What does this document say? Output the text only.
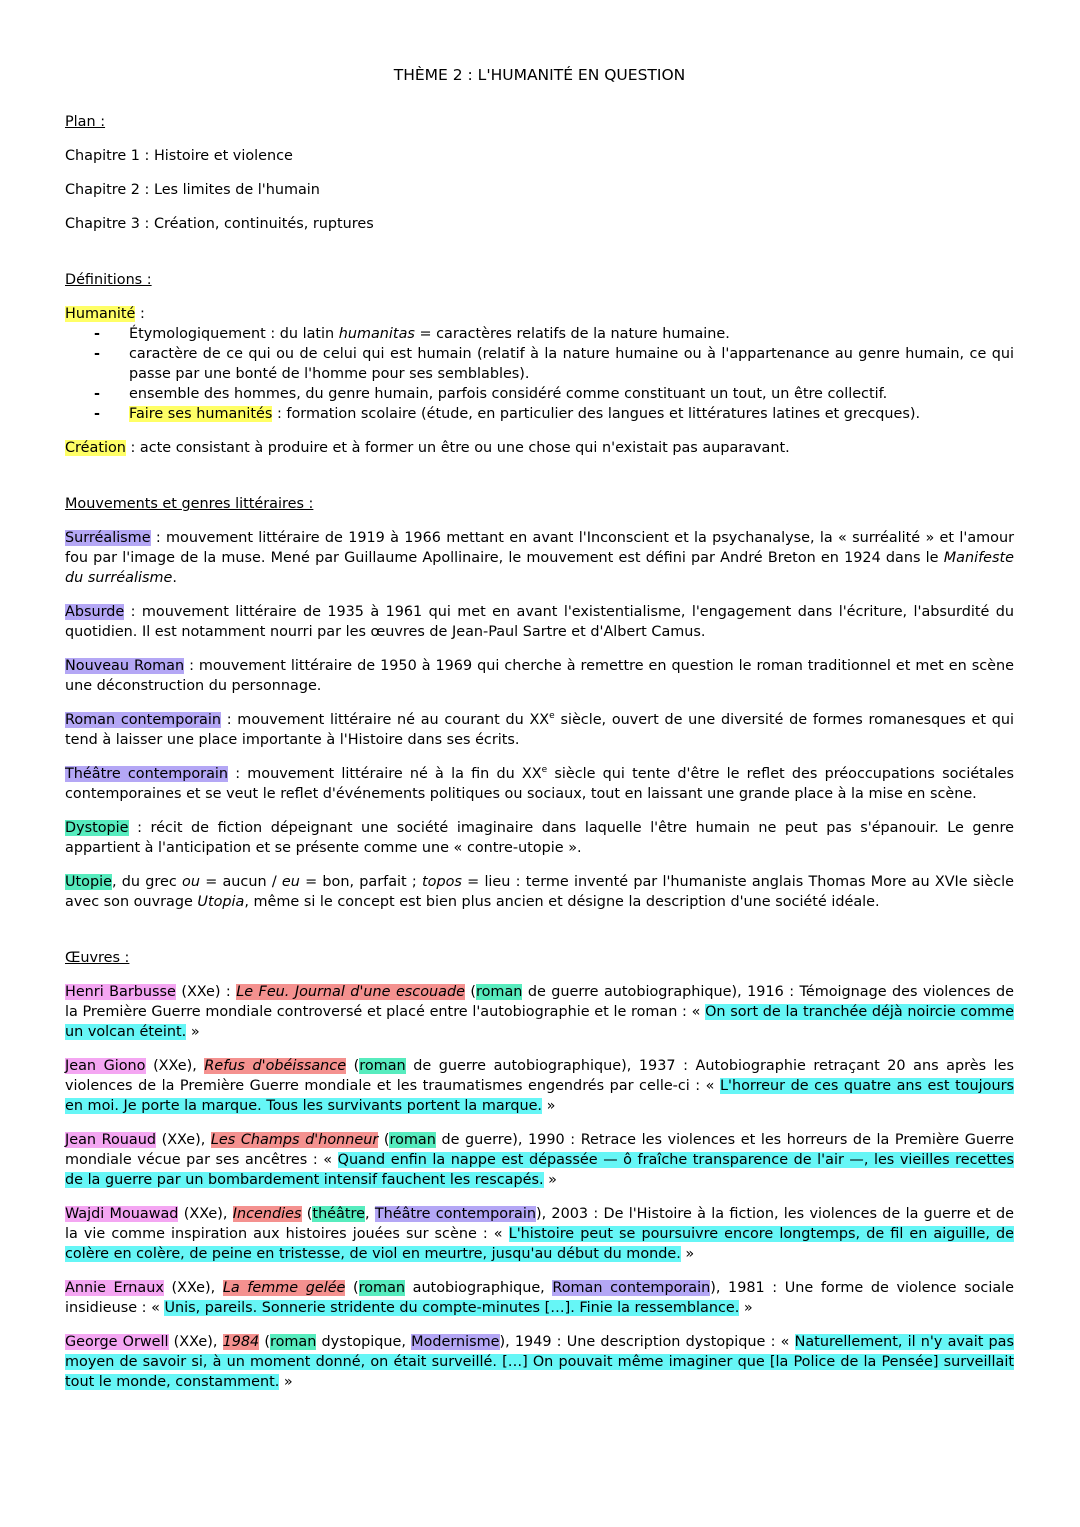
THÈME 2 : L'HUMANITÉ EN QUESTION
Plan :
Chapitre 1 : Histoire et violence
Chapitre 2 : Les limites de l'humain
Chapitre 3 : Création, continuités, ruptures
Définitions :
Humanité :
- Étymologiquement : du latin humanitas = caractères relatifs de la nature humaine.
- caractère de ce qui ou de celui qui est humain (relatif à la nature humaine ou à l'appartenance au genre humain, ce qui passe par une bonté de l'homme pour ses semblables).
- ensemble des hommes, du genre humain, parfois considéré comme constituant un tout, un être collectif.
- Faire ses humanités : formation scolaire (étude, en particulier des langues et littératures latines et grecques).
Création : acte consistant à produire et à former un être ou une chose qui n'existait pas auparavant.
Mouvements et genres littéraires :
Surréalisme : mouvement littéraire de 1919 à 1966 mettant en avant l'Inconscient et la psychanalyse, la « surréalité » et l'amour fou par l'image de la muse. Mené par Guillaume Apollinaire, le mouvement est défini par André Breton en 1924 dans le Manifeste du surréalisme.
Absurde : mouvement littéraire de 1935 à 1961 qui met en avant l'existentialisme, l'engagement dans l'écriture, l'absurdité du quotidien. Il est notamment nourri par les œuvres de Jean-Paul Sartre et d'Albert Camus.
Nouveau Roman : mouvement littéraire de 1950 à 1969 qui cherche à remettre en question le roman traditionnel et met en scène une déconstruction du personnage.
Roman contemporain : mouvement littéraire né au courant du XXe siècle, ouvert de une diversité de formes romanesques et qui tend à laisser une place importante à l'Histoire dans ses écrits.
Théâtre contemporain : mouvement littéraire né à la fin du XXe siècle qui tente d'être le reflet des préoccupations sociétales contemporaines et se veut le reflet d'événements politiques ou sociaux, tout en laissant une grande place à la mise en scène.
Dystopie : récit de fiction dépeignant une société imaginaire dans laquelle l'être humain ne peut pas s'épanouir. Le genre appartient à l'anticipation et se présente comme une « contre-utopie ».
Utopie, du grec ou = aucun / eu = bon, parfait ; topos = lieu : terme inventé par l'humaniste anglais Thomas More au XVIe siècle avec son ouvrage Utopia, même si le concept est bien plus ancien et désigne la description d'une société idéale.
Œuvres :
Henri Barbusse (XXe) : Le Feu. Journal d'une escouade (roman de guerre autobiographique), 1916 : Témoignage des violences de la Première Guerre mondiale controversé et placé entre l'autobiographie et le roman : « On sort de la tranchée déjà noircie comme un volcan éteint. »
Jean Giono (XXe), Refus d'obéissance (roman de guerre autobiographique), 1937 : Autobiographie retraçant 20 ans après les violences de la Première Guerre mondiale et les traumatismes engendrés par celle-ci : « L'horreur de ces quatre ans est toujours en moi. Je porte la marque. Tous les survivants portent la marque. »
Jean Rouaud (XXe), Les Champs d'honneur (roman de guerre), 1990 : Retrace les violences et les horreurs de la Première Guerre mondiale vécue par ses ancêtres : « Quand enfin la nappe est dépassée — ô fraîche transparence de l'air —, les vieilles recettes de la guerre par un bombardement intensif fauchent les rescapés. »
Wajdi Mouawad (XXe), Incendies (théâtre, Théâtre contemporain), 2003 : De l'Histoire à la fiction, les violences de la guerre et de la vie comme inspiration aux histoires jouées sur scène : « L'histoire peut se poursuivre encore longtemps, de fil en aiguille, de colère en colère, de peine en tristesse, de viol en meurtre, jusqu'au début du monde. »
Annie Ernaux (XXe), La femme gelée (roman autobiographique, Roman contemporain), 1981 : Une forme de violence sociale insidieuse : « Unis, pareils. Sonnerie stridente du compte-minutes […]. Finie la ressemblance. »
George Orwell (XXe), 1984 (roman dystopique, Modernisme), 1949 : Une description dystopique : « Naturellement, il n'y avait pas moyen de savoir si, à un moment donné, on était surveillé. […] On pouvait même imaginer que [la Police de la Pensée] surveillait tout le monde, constamment. »
